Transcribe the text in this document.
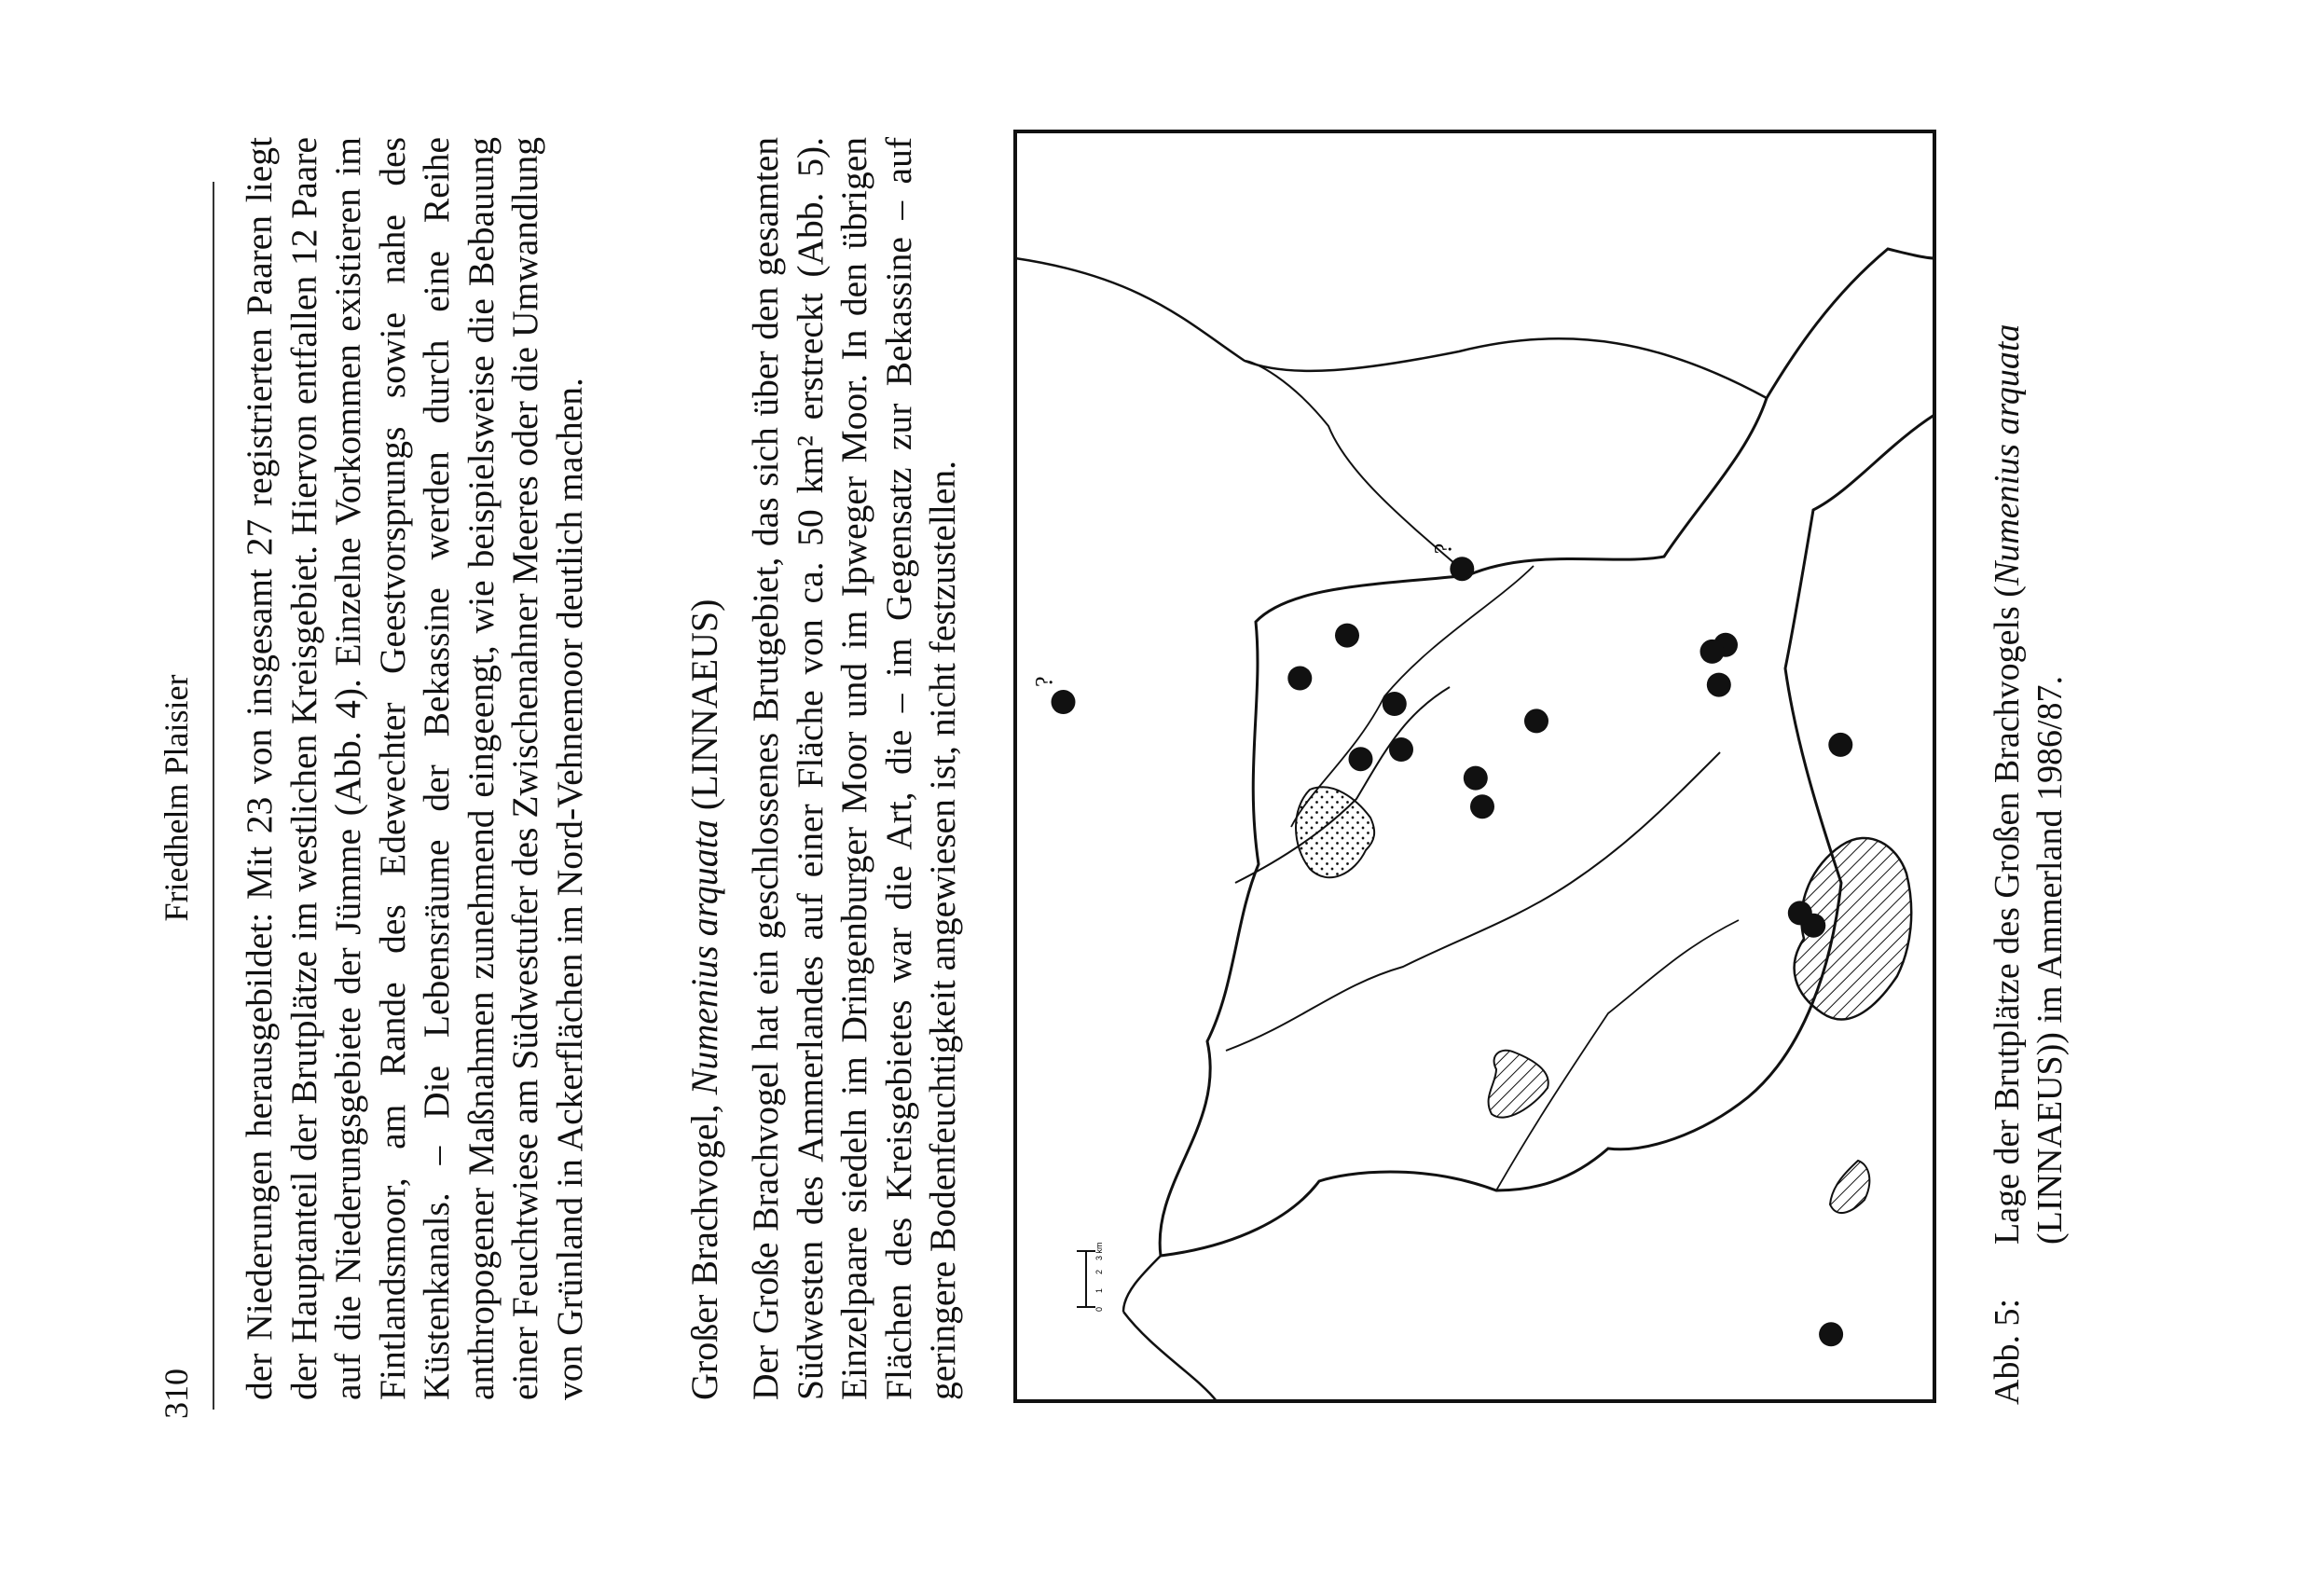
310
Friedhelm Plaisier der Niederungen herausgebildet: Mit 23 von insgesamt 27 registrierten Paaren liegt der Hauptanteil der Brutplätze im westlichen Kreisgebiet. Hiervon entfallen 12 Paare auf die Niederungsgebiete der Jümme (Abb. 4). Einzelne Vorkommen existieren im Fintlandsmoor, am Rande des Edewechter Geestvorsprungs sowie nahe des Küstenkanals. – Die Lebensräume der Bekassine werden durch eine Reihe anthropogener Maßnahmen zunehmend eingeengt, wie beispielsweise die Bebauung einer Feuchtwiese am Südwestufer des Zwischenahner Meeres oder die Umwandlung von Grünland in Ackerflächen im Nord-Vehnemoor deutlich machen.	Großer Brachvogel, Numenius arquata (LINNAEUS) Der Große Brachvogel hat ein geschlossenes Brutgebiet, das sich über den gesamten Südwesten des Ammerlandes auf einer Fläche von ca. 50 km² erstreckt (Abb. 5). Einzelpaare siedeln im Dringenburger Moor und im Ipweger Moor. In den übrigen Flächen des Kreisgebietes war die Art, die – im Gegensatz zur Bekassine – auf geringere Bodenfeuchtigkeit angewiesen ist, nicht festzustellen.	0
1
2
3 km
?
?
Abb. 5:
Lage der Brutplätze des Großen Brachvogels (Numenius arquata (LINNAEUS)) im Ammerland 1986/87.
